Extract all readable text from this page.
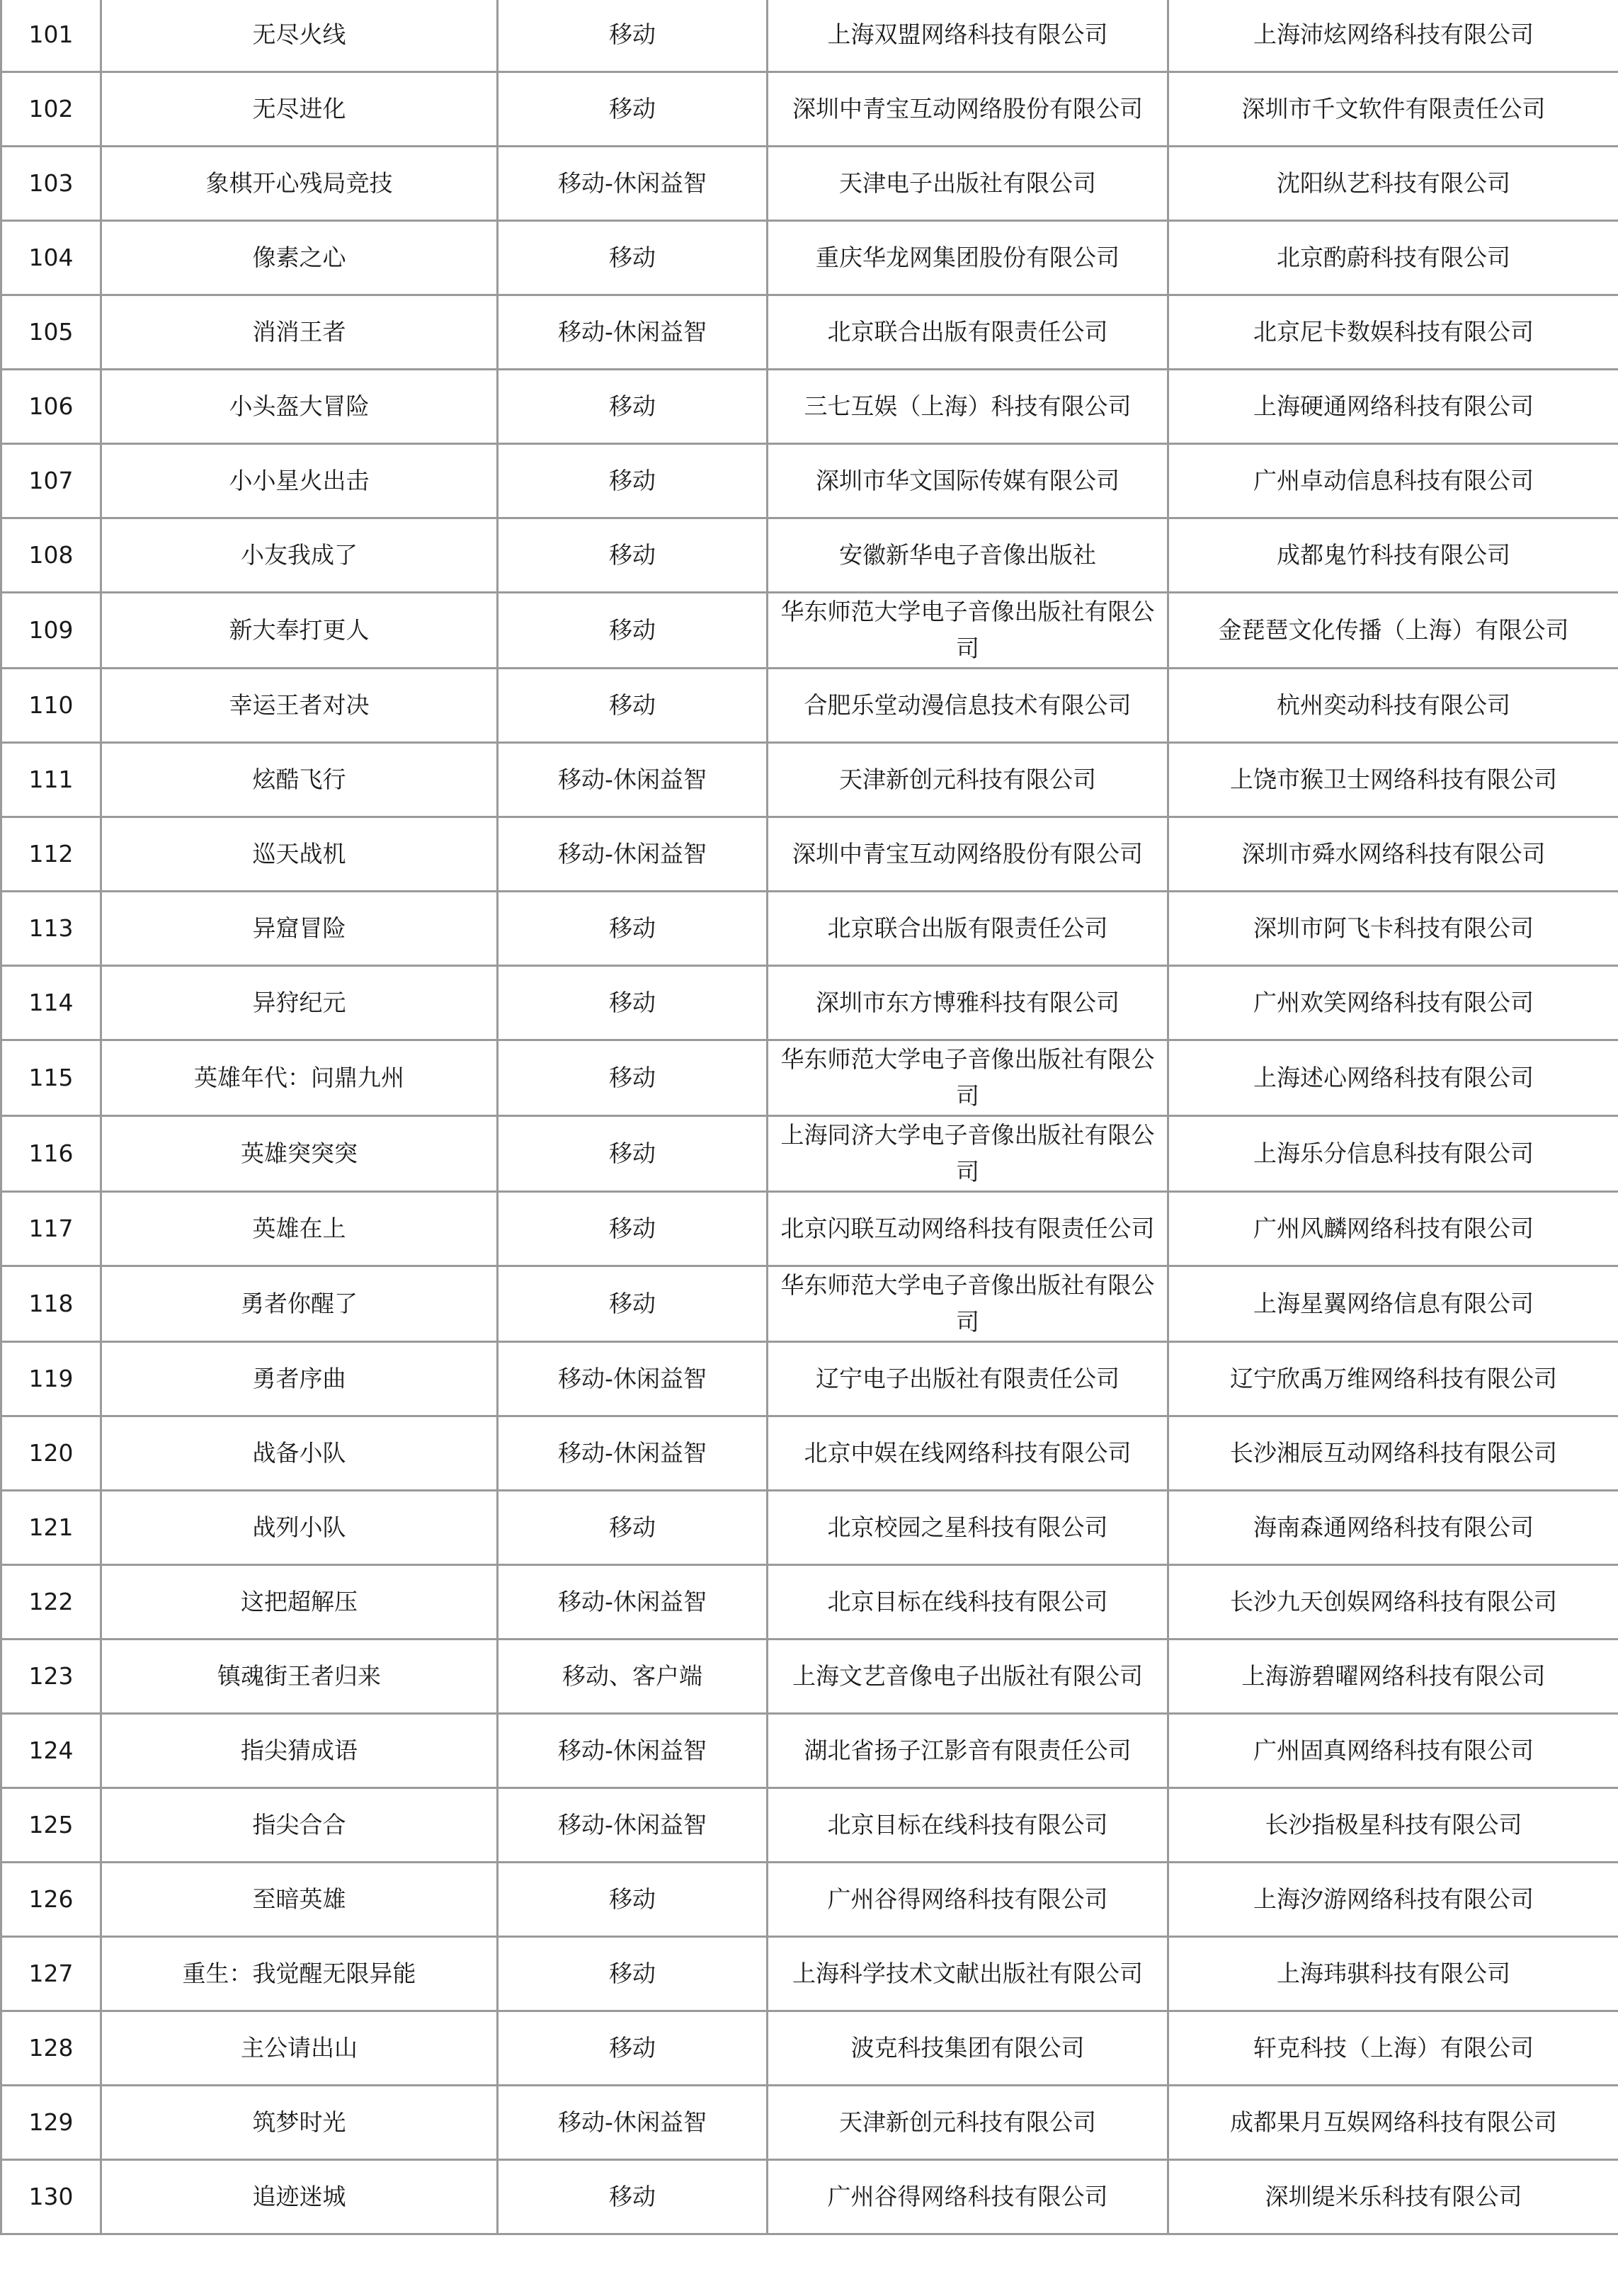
101	无尽火线	移动	上海双盟网络科技有限公司	上海沛炫网络科技有限公司
102	无尽进化	移动	深圳中青宝互动网络股份有限公司	深圳市千文软件有限责任公司
103	象棋开心残局竞技	移动-休闲益智	天津电子出版社有限公司	沈阳纵艺科技有限公司
104	像素之心	移动	重庆华龙网集团股份有限公司	北京酌蔚科技有限公司
105	消消王者	移动-休闲益智	北京联合出版有限责任公司	北京尼卡数娱科技有限公司
106	小头盔大冒险	移动	三七互娱（上海）科技有限公司	上海硬通网络科技有限公司
107	小小星火出击	移动	深圳市华文国际传媒有限公司	广州卓动信息科技有限公司
108	小友我成了	移动	安徽新华电子音像出版社	成都鬼竹科技有限公司
109	新大奉打更人	移动	华东师范大学电子音像出版社有限公司	金琵琶文化传播（上海）有限公司
110	幸运王者对决	移动	合肥乐堂动漫信息技术有限公司	杭州奕动科技有限公司
111	炫酷飞行	移动-休闲益智	天津新创元科技有限公司	上饶市猴卫士网络科技有限公司
112	巡天战机	移动-休闲益智	深圳中青宝互动网络股份有限公司	深圳市舜水网络科技有限公司
113	异窟冒险	移动	北京联合出版有限责任公司	深圳市阿飞卡科技有限公司
114	异狩纪元	移动	深圳市东方博雅科技有限公司	广州欢笑网络科技有限公司
115	英雄年代：问鼎九州	移动	华东师范大学电子音像出版社有限公司	上海述心网络科技有限公司
116	英雄突突突	移动	上海同济大学电子音像出版社有限公司	上海乐分信息科技有限公司
117	英雄在上	移动	北京闪联互动网络科技有限责任公司	广州风麟网络科技有限公司
118	勇者你醒了	移动	华东师范大学电子音像出版社有限公司	上海星翼网络信息有限公司
119	勇者序曲	移动-休闲益智	辽宁电子出版社有限责任公司	辽宁欣禹万维网络科技有限公司
120	战备小队	移动-休闲益智	北京中娱在线网络科技有限公司	长沙湘辰互动网络科技有限公司
121	战列小队	移动	北京校园之星科技有限公司	海南森通网络科技有限公司
122	这把超解压	移动-休闲益智	北京目标在线科技有限公司	长沙九天创娱网络科技有限公司
123	镇魂街王者归来	移动、客户端	上海文艺音像电子出版社有限公司	上海游碧曜网络科技有限公司
124	指尖猜成语	移动-休闲益智	湖北省扬子江影音有限责任公司	广州固真网络科技有限公司
125	指尖合合	移动-休闲益智	北京目标在线科技有限公司	长沙指极星科技有限公司
126	至暗英雄	移动	广州谷得网络科技有限公司	上海汐游网络科技有限公司
127	重生：我觉醒无限异能	移动	上海科学技术文献出版社有限公司	上海玮骐科技有限公司
128	主公请出山	移动	波克科技集团有限公司	轩克科技（上海）有限公司
129	筑梦时光	移动-休闲益智	天津新创元科技有限公司	成都果月互娱网络科技有限公司
130	追迹迷城	移动	广州谷得网络科技有限公司	深圳缇米乐科技有限公司
